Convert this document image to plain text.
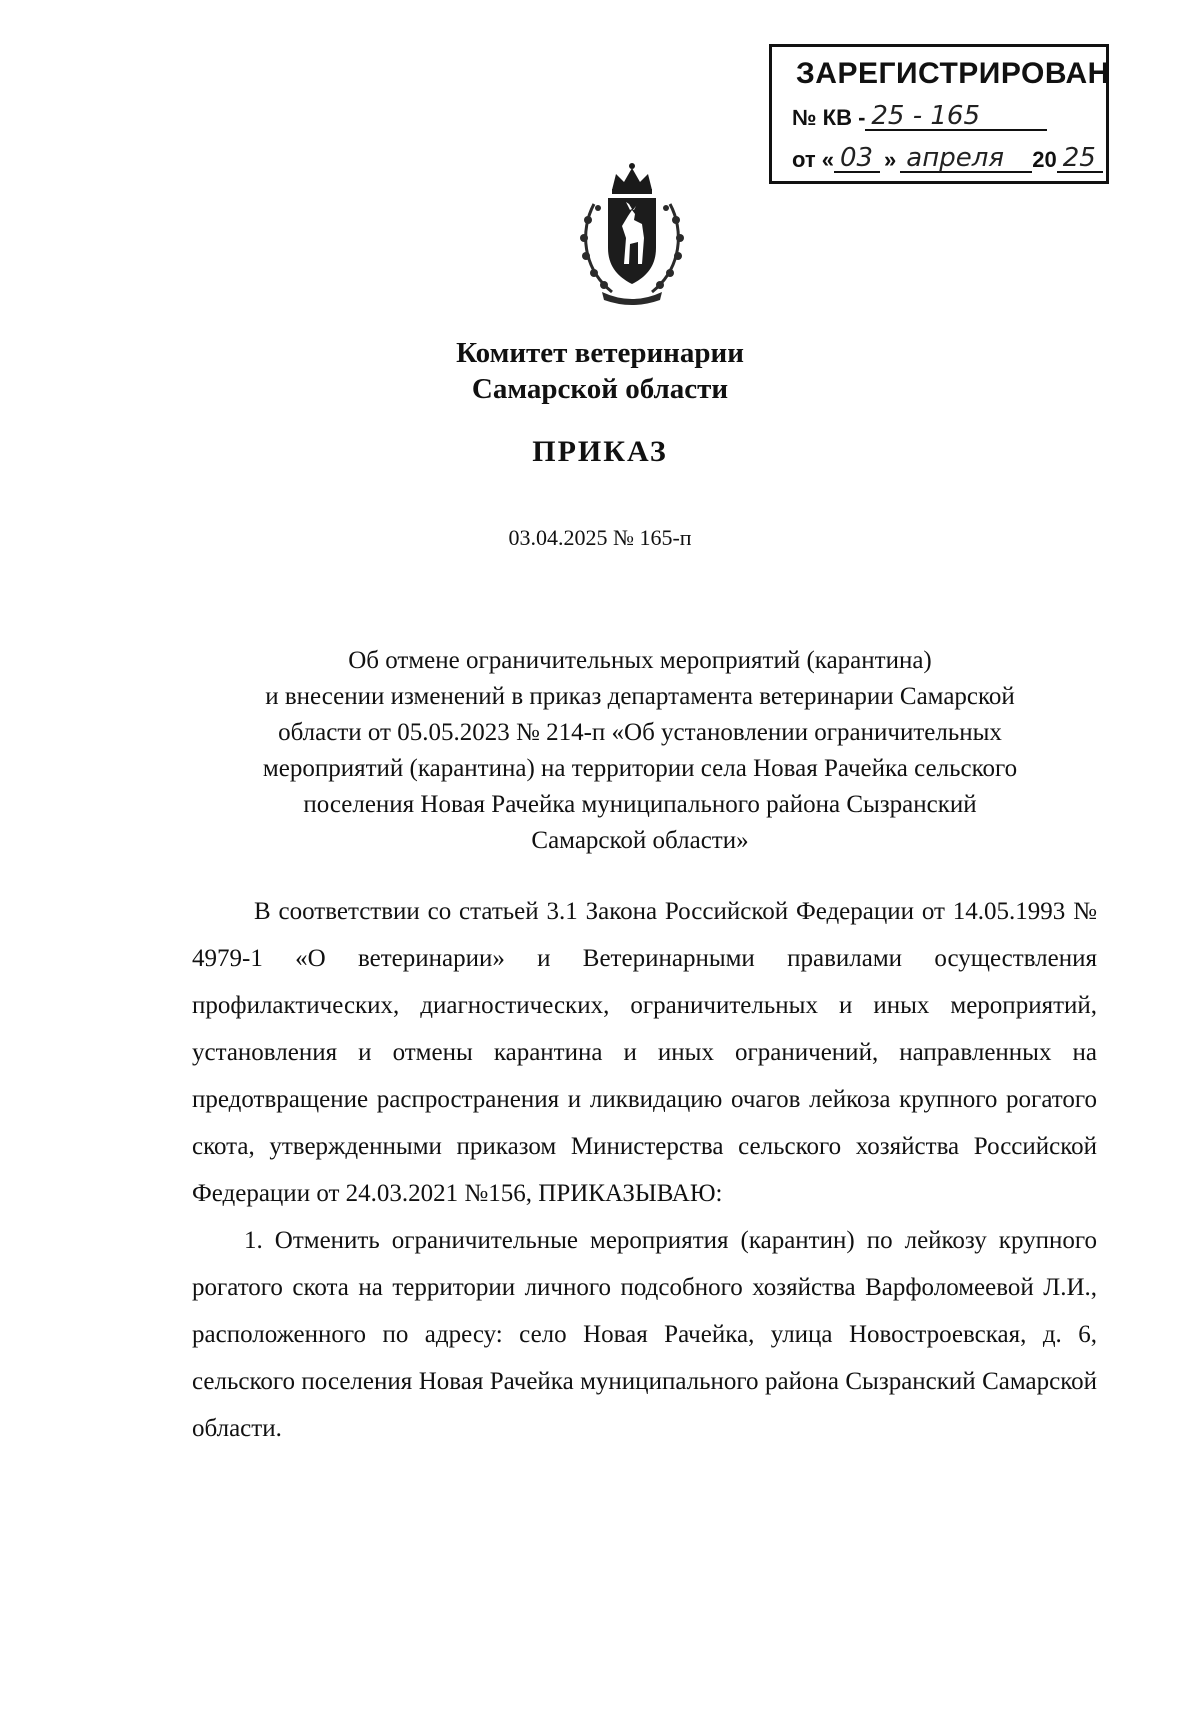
ЗАРЕГИСТРИРОВАН
№ КВ - 25 - 165
от « 03 » апреля	20 25
Комитет ветеринарии
Самарской области
ПРИКАЗ
03.04.2025 № 165-п
Об отмене ограничительных мероприятий (карантина)
и внесении изменений в приказ департамента ветеринарии Самарской
области от 05.05.2023 № 214-п «Об установлении ограничительных
мероприятий (карантина) на территории села Новая Рачейка сельского
поселения Новая Рачейка муниципального района Сызранский
Самарской области»

В соответствии со статьей 3.1 Закона Российской Федерации от 14.05.1993 № 4979-1 «О ветеринарии» и Ветеринарными правилами осуществления профилактических, диагностических, ограничительных и иных мероприятий, установления и отмены карантина и иных ограничений, направленных на предотвращение распространения и ликвидацию очагов лейкоза крупного рогатого скота, утвержденными приказом Министерства сельского хозяйства Российской Федерации от 24.03.2021 №156, ПРИКАЗЫВАЮ:

1. Отменить ограничительные мероприятия (карантин) по лейкозу крупного рогатого скота на территории личного подсобного хозяйства Варфоломеевой Л.И., расположенного по адресу: село Новая Рачейка, улица Новостроевская, д. 6, сельского поселения Новая Рачейка муниципального района Сызранский Самарской области.
